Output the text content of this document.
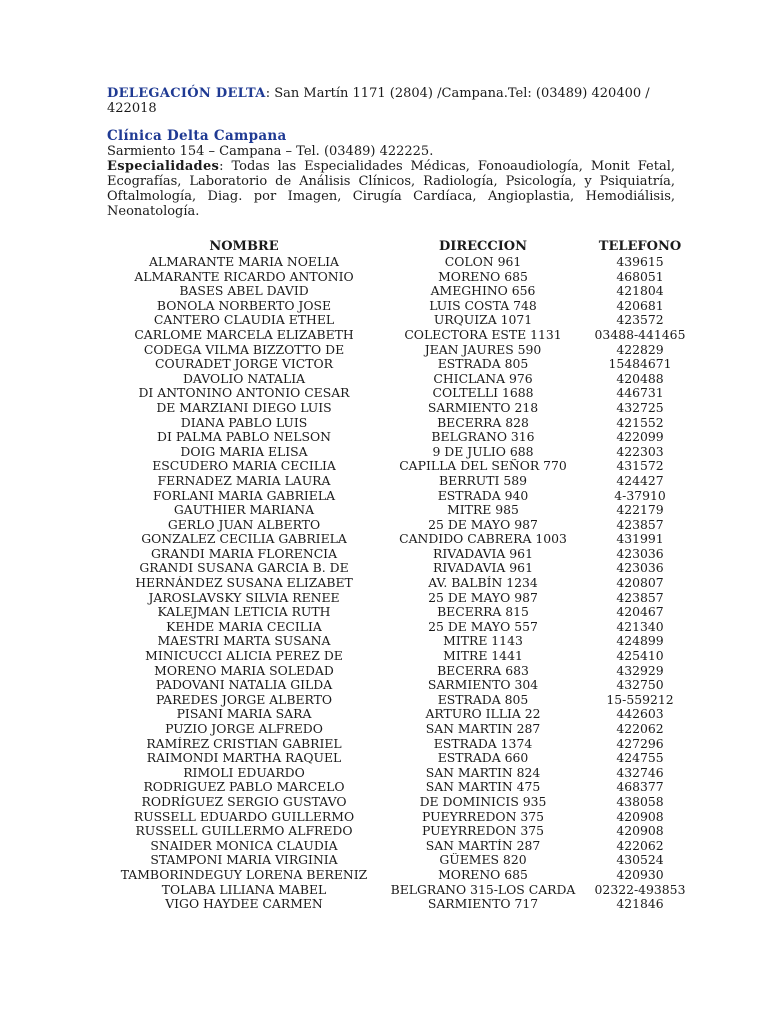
DELEGACIÓN DELTA: San Martín 1171 (2804) /Campana.Tel: (03489) 420400 /
422018
Clínica Delta Campana
Sarmiento 154 – Campana – Tel. (03489) 422225.
Especialidades: Todas las Especialidades Médicas, Fonoaudiología, Monit Fetal,
Ecografías, Laboratorio de Análisis Clínicos, Radiología, Psicología, y Psiquiatría,
Oftalmología, Diag. por Imagen, Cirugía Cardíaca, Angioplastia, Hemodiálisis,
Neonatología.
NOMBRE	DIRECCION	TELÉFONO
ALMARANTE MARIA NOELIA	COLON 961	439615
ALMARANTE RICARDO ANTONIO	MORENO 685	468051
BASES ABEL DAVID	AMEGHINO 656	421804
BONOLA NORBERTO JOSE	LUIS COSTA 748	420681
CANTERO CLAUDIA ETHEL	URQUIZA 1071	423572
CARLOME MARCELA ELIZABETH	COLECTORA ESTE 1131	03488-441465
CODEGA VILMA BIZZOTTO DE	JEAN JAURES 590	422829
COURADET JORGE VICTOR	ESTRADA 805	15484671
DAVOLIO NATALIA	CHICLANA 976	420488
DI ANTONINO ANTONIO CESAR	COLTELLI 1688	446731
DE MARZIANI DIEGO LUIS	SARMIENTO 218	432725
DIANA PABLO LUIS	BECERRA 828	421552
DI PALMA PABLO NELSON	BELGRANO 316	422099
DOIG MARIA ELISA	9 DE JULIO 688	422303
ESCUDERO MARIA CECILIA	CAPILLA DEL SEÑOR 770	431572
FERNADEZ MARIA LAURA	BERRUTI 589	424427
FORLANI MARIA GABRIELA	ESTRADA 940	4-37910
GAUTHIER MARIANA	MITRE 985	422179
GERLO JUAN ALBERTO	25 DE MAYO 987	423857
GONZALEZ CECILIA GABRIELA	CANDIDO CABRERA 1003	431991
GRANDI MARIA FLORENCIA	RIVADAVIA 961	423036
GRANDI SUSANA GARCIA B. DE	RIVADAVIA 961	423036
HERNÁNDEZ SUSANA ELIZABET	AV. BALBÍN 1234	420807
JAROSLAVSKY SILVIA RENEE	25 DE MAYO 987	423857
KALEJMAN LETICIA RUTH	BECERRA 815	420467
KEHDE MARIA CECILIA	25 DE MAYO 557	421340
MAESTRI MARTA SUSANA	MITRE 1143	424899
MINICUCCI ALICIA PEREZ DE	MITRE 1441	425410
MORENO MARIA SOLEDAD	BECERRA 683	432929
PADOVANI NATALIA GILDA	SARMIENTO 304	432750
PAREDES JORGE ALBERTO	ESTRADA 805	15-559212
PISANI MARIA SARA	ARTURO ILLIA 22	442603
PUZIO JORGE ALFREDO	SAN MARTIN 287	422062
RAMÍREZ CRISTIAN GABRIEL	ESTRADA 1374	427296
RAIMONDI MARTHA RAQUEL	ESTRADA 660	424755
RIMOLI EDUARDO	SAN MARTIN 824	432746
RODRIGUEZ PABLO MARCELO	SAN MARTIN 475	468377
RODRÍGUEZ SERGIO GUSTAVO	DE DOMINICIS 935	438058
RUSSELL EDUARDO GUILLERMO	PUEYRREDON 375	420908
RUSSELL GUILLERMO ALFREDO	PUEYRREDON 375	420908
SNAIDER MONICA CLAUDIA	SAN MARTÍN 287	422062
STAMPONI MARIA VIRGINIA	GÜEMES 820	430524
TAMBORINDEGUY LORENA BERENIZ	MORENO 685	420930
TOLABA LILIANA MABEL	BELGRANO 315-LOS CARDA	02322-493853
VIGO HAYDEE CARMEN	SARMIENTO 717	421846
